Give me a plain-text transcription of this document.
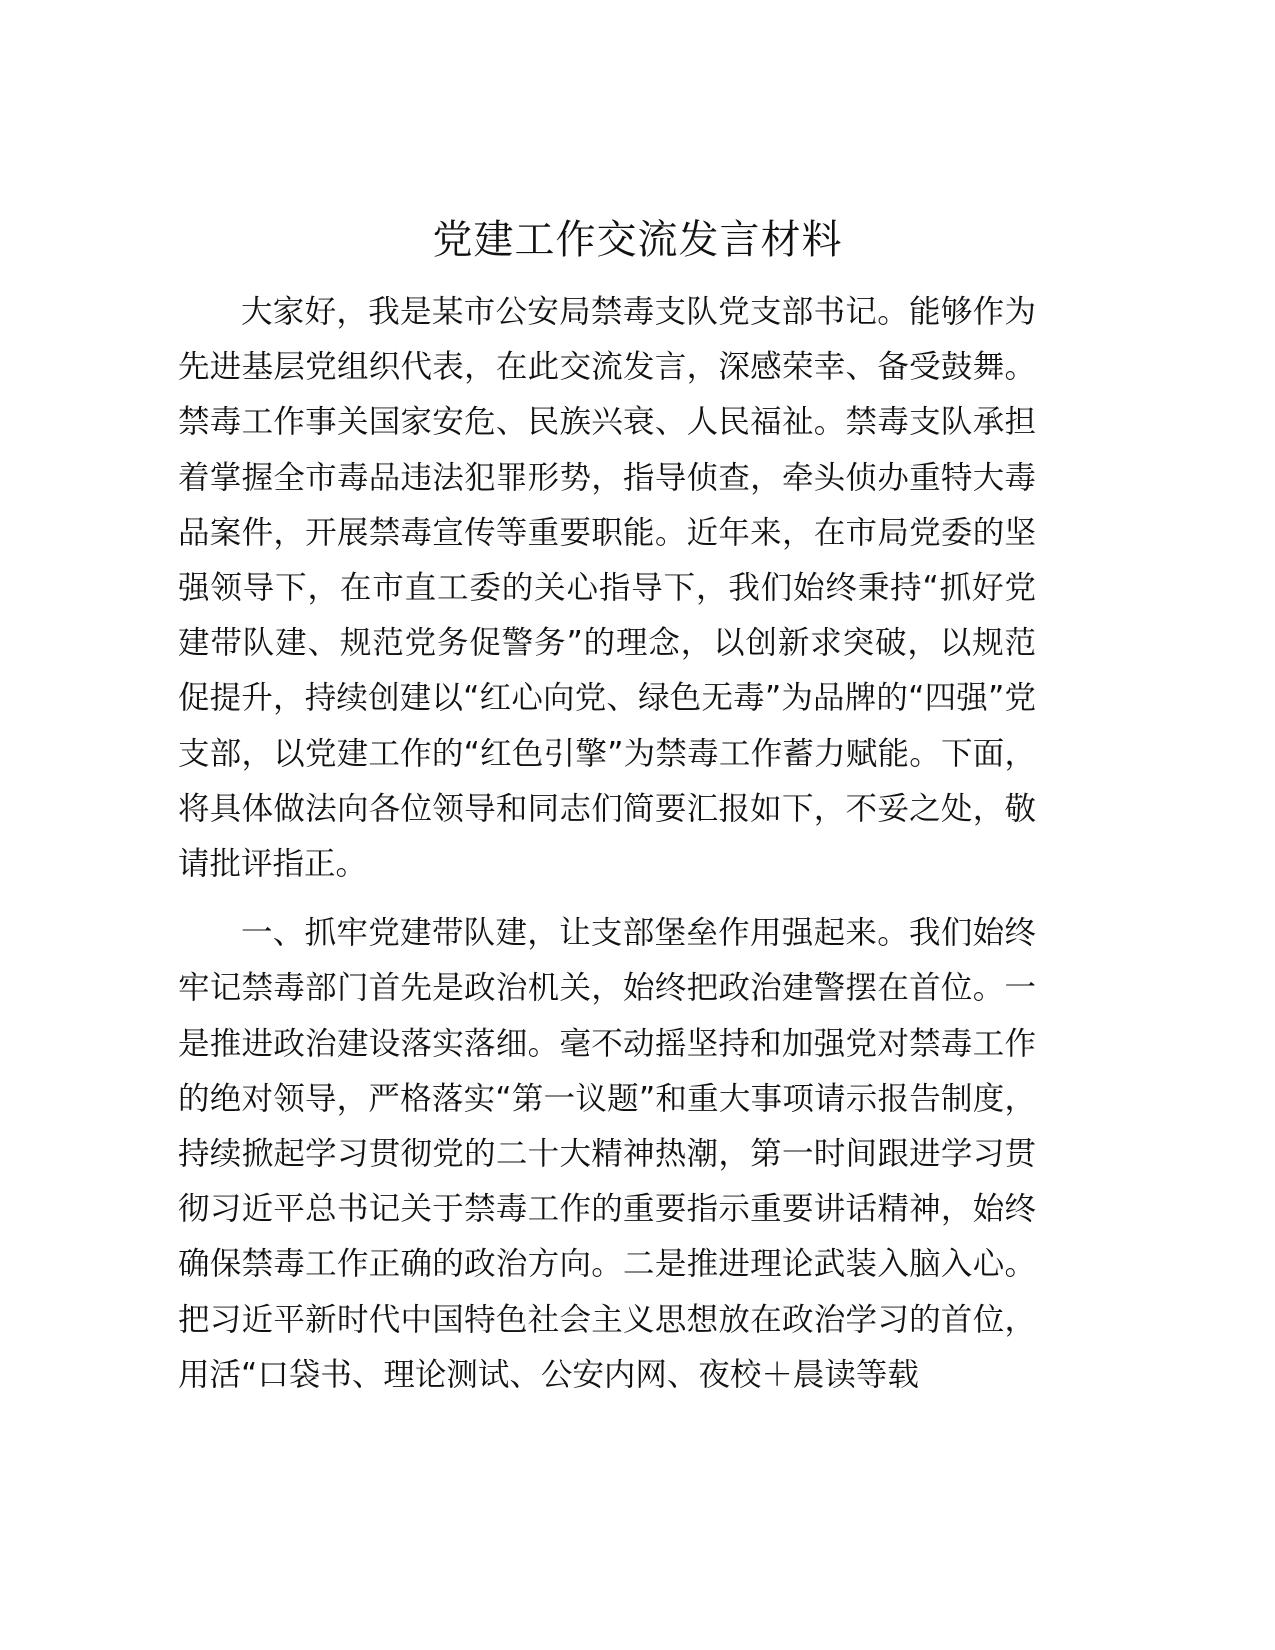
党建工作交流发言材料

大家好，我是某市公安局禁毒支队党支部书记。能够作为先进基层党组织代表，在此交流发言，深感荣幸、备受鼓舞。禁毒工作事关国家安危、民族兴衰、人民福祉。禁毒支队承担着掌握全市毒品违法犯罪形势，指导侦查，牵头侦办重特大毒品案件，开展禁毒宣传等重要职能。近年来，在市局党委的坚强领导下，在市直工委的关心指导下，我们始终秉持“抓好党建带队建、规范党务促警务”的理念，以创新求突破，以规范促提升，持续创建以“红心向党、绿色无毒”为品牌的“四强”党支部，以党建工作的“红色引擎”为禁毒工作蓄力赋能。下面，将具体做法向各位领导和同志们简要汇报如下，不妥之处，敬请批评指正。

一、抓牢党建带队建，让支部堡垒作用强起来。我们始终牢记禁毒部门首先是政治机关，始终把政治建警摆在首位。一是推进政治建设落实落细。毫不动摇坚持和加强党对禁毒工作的绝对领导，严格落实“第一议题”和重大事项请示报告制度，持续掀起学习贯彻党的二十大精神热潮，第一时间跟进学习贯彻习近平总书记关于禁毒工作的重要指示重要讲话精神，始终确保禁毒工作正确的政治方向。二是推进理论武装入脑入心。把习近平新时代中国特色社会主义思想放在政治学习的首位，用活“口袋书、理论测试、公安内网、夜校＋晨读等载
